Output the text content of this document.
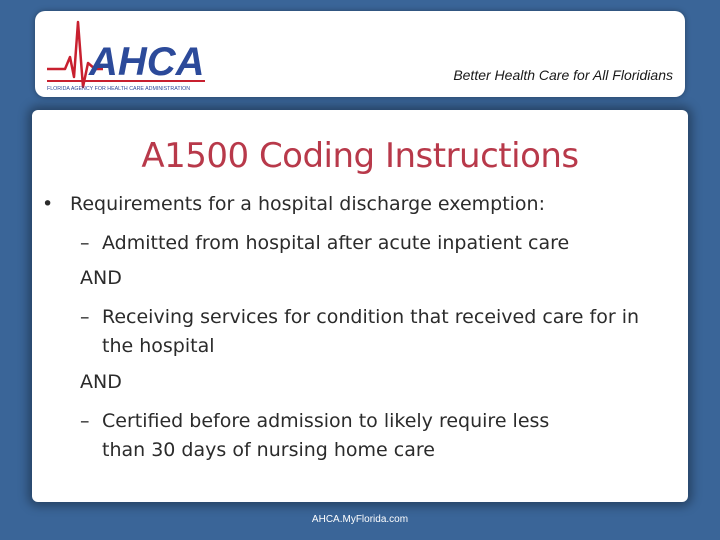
AHCA
FLORIDA AGENCY FOR HEALTH CARE ADMINISTRATION
Better Health Care for All Floridians
A1500 Coding Instructions
• Requirements for a hospital discharge exemption:
– Admitted from hospital after acute inpatient care
AND
– Receiving services for condition that received care for in
the hospital
AND
– Certified before admission to likely require less
than 30 days of nursing home care
AHCA.MyFlorida.com
